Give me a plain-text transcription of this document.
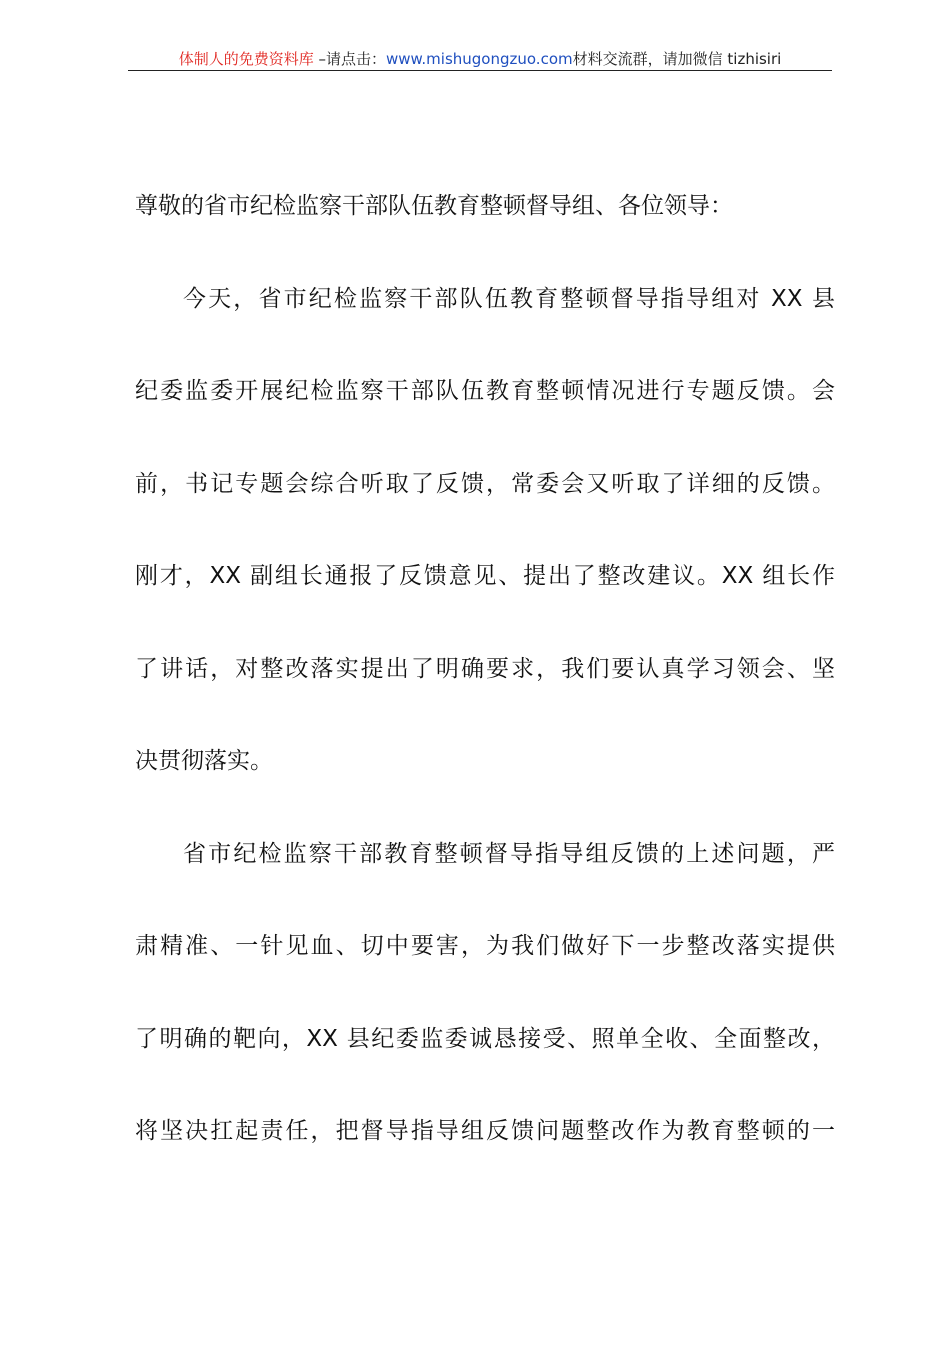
体制人的免费资料库 –请点击：www.mishugongzuo.com材料交流群，请加微信 tizhisiri
尊敬的省市纪检监察干部队伍教育整顿督导组、各位领导：
今天，省市纪检监察干部队伍教育整顿督导指导组对 XX 县
纪委监委开展纪检监察干部队伍教育整顿情况进行专题反馈。会
前，书记专题会综合听取了反馈，常委会又听取了详细的反馈。
刚才，XX 副组长通报了反馈意见、提出了整改建议。XX 组长作
了讲话，对整改落实提出了明确要求，我们要认真学习领会、坚
决贯彻落实。
省市纪检监察干部教育整顿督导指导组反馈的上述问题，严
肃精准、一针见血、切中要害，为我们做好下一步整改落实提供
了明确的靶向，XX 县纪委监委诚恳接受、照单全收、全面整改，
将坚决扛起责任，把督导指导组反馈问题整改作为教育整顿的一
